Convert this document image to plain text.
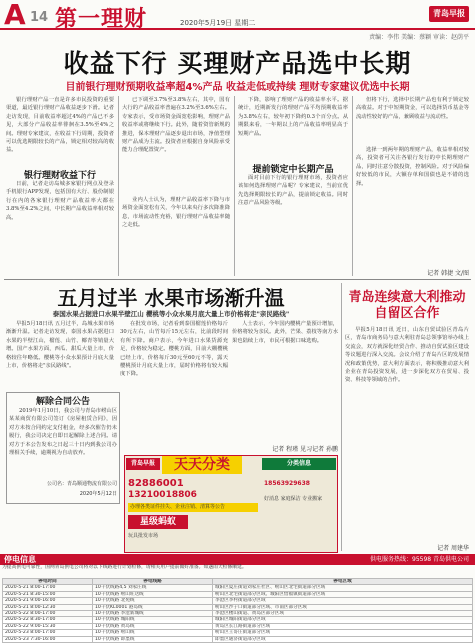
A 14 第一理财	2020年5月19日 星期二
青岛早报
责编：李伟 美编：蔡颖 审读：赵荫平
收益下行 买理财产品选中长期
目前银行理财预期收益率超4%产品 收益走低或持续 理财专家建议优选中长期
银行理财产品一直是许多市民投资的重要渠道，最近银行理财产品收益逐步下滑。记者走访发现，目前收益率超过4%的产品已不多见，大部分产品收益率徘徊在3.5%至4%之间。理财专家建议，在收益下行周期，投资者可以优选期限较长的产品，锁定相对较高的收益。
银行理财收益下行
日前，记者走访岛城多家银行网点及登录手机银行APP发现，包括国有大行、股份制银行在内的各家银行理财产品收益率大都在3.8%至4.2%之间，中长期产品收益率相对较高。
已下调至3.7%至3.8%左右，其中，国有大行的产品收益率普遍在3.2%至3.6%左右。专家表示，受市场资金面宽松影响，理财产品收益率或将继续下行。此外，随着资管新规的推进，保本理财产品逐步退出市场，净值型理财产品成为主流。投资者应根据自身风险承受能力合理配置资产。
业内人士认为，理财产品收益率下降与市场资金面宽松有关，今年以来央行多次降准降息，市场流动性充裕，银行理财产品收益率随之走低。
下降，影响了理财产品的收益率水平。据统计，近期新发行的理财产品平均预期收益率为3.8%左右，较年初下降约0.3个百分点。从期限来看，一年期以上的产品收益率明显高于短期产品。
提前锁定中长期产品
面对目前下行的银行理财市场，投资者应该如何选择理财产品呢？专家建议，当前宜优先选择期限较长的产品，提前锁定收益。同时注意产品风险等级。
但将下行，选择中长期产品也有利于锁定较高收益。对于中短期资金，可以选择货币基金等流动性较好的产品，兼顾收益与流动性。
选择一到两年期的理财产品，收益率相对较高，投资者可关注各银行发行的中长期理财产品，同时注意分散投资，控制风险。对于风险偏好较低的市民，大额存单和国债也是不错的选择。
记者 韩捷 文/图
五月过半 水果市场渐升温
泰国水果占据进口水果半壁江山 樱桃等小众水果月底大量上市价格将走"亲民路线"
早报5月18日讯 五月过半，岛城水果市场渐渐升温。记者走访发现，泰国水果占据进口水果的半壁江山，榴莲、山竹、椰青等销量大增。国产水果方面，西瓜、甜瓜大量上市，价格较往年略低。樱桃等小众水果预计月底大量上市，价格将走"亲民路线"。
在批发市场，记者看到泰国榴莲价格每斤30元左右，山竹每斤15元左右，比前段时间有所下降。商户表示，今年进口水果货源充足，价格较为稳定。樱桃方面，目前大棚樱桃已经上市，价格每斤30元至60元不等，露天樱桃预计月底大量上市，届时价格将有较大幅度下降。
人士表示，今年国内樱桃产量预计增加，价格将较为亲民。此外，芒果、荔枝等南方水果也陆续上市，市民可根据口味选购。
记者 程瑾 见习记者 孙鹏
青岛连续意大利推动自留区合作
早报5月18日讯 近日，山东自贸试验区青岛片区，青岛市商务局与意大利驻青岛总领事馆举办线上交流会，双方就深化经贸合作、推动自贸试验区建设等议题进行深入交流。会议介绍了青岛片区的发展情况和政策优势，意大利方面表示，将积极推动意大利企业在青岛投资发展，进一步深化双方在贸易、投资、科技等领域的合作。
记者 周建华
解除合同公告
2019年1月10日，我公司与青岛市崂山区某某商贸有限公司签订《房屋租赁合同》，因对方未按合同约定支付租金，经多次催告仍未履行，我公司决定自即日起解除上述合同。请对方于本公告发布之日起三十日内到我公司办理相关手续，逾期视为自动放弃。
公司名：青岛顺通物流有限公司
2020年5月12日
青岛早报	天天分类
82886001
13210018806
办理各类证件挂失、企业注销、清算等公告
星级蚂蚁
玩具批发市场
分类信息
18563929638
好消息 家庭保洁 专业搬家
停电信息	供电服务热线：95598 青岛供电公司
为提高供电可靠性，国网青岛供电公司将对以下线路进行计划检修，请相关用户提前做好准备。如遇雨天检修顺延。
停电时间	停电线路	停电区域
2020-5-21 8:00-17:00	10千伏线路4,5 刘家庄线	城阳区夏庄街道刘家庄社区、崂山区北宅街道部分区域
2020-5-21 8:30-15:00	10千伏线路 崂山旺达线	崂山区北宅街道部分区域、城阳区惜福镇街道部分区域
2020-5-21 9:00-16:00	10千伏线路 北苑线	李沧区李村街道部分区域
2020-5-21 8:00-12:30	10千伏KL0001 港岛线	崂山区沙子口街道部分区域、市南区部分区域
2020-5-22 8:00-17:00	10千伏线路 李沧新城线	李沧区楼山街道、黄岛区部分区域
2020-5-22 8:30-17:00	10千伏线路 城阳线	城阳区城阳街道部分区域
2020-5-22 9:00-15:30	10千伏线路 黄岛线	黄岛区长江路街道部分区域
2020-5-23 8:00-17:00	10千伏线路 崂山线	崂山区王哥庄街道部分区域
2020-5-23 7:30-16:00	10千伏线路 即墨线	即墨区通济街道部分区域
